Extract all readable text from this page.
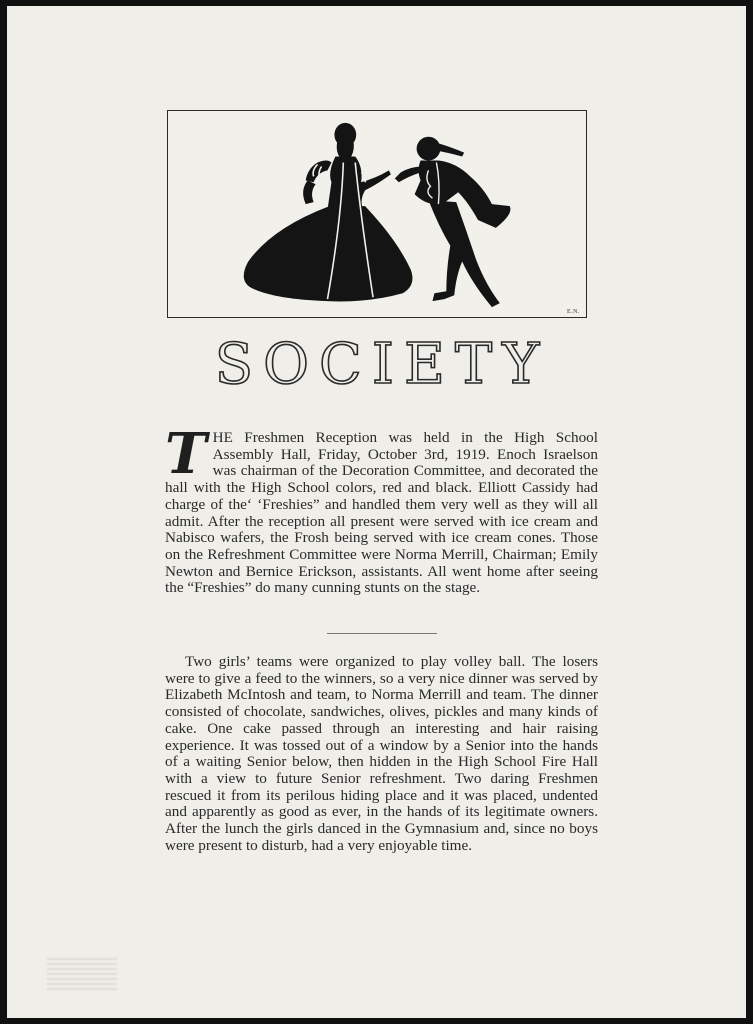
E.N.
SOCIETY
THE Freshmen Reception was held in the High School Assembly Hall, Friday, October 3rd, 1919. Enoch Israelson was chairman of the Decoration Committee, and decorated the hall with the High School colors, red and black. Elliott Cassidy had charge of the‘ ‘Freshies” and handled them very well as they will all admit. After the reception all present were served with ice cream and Nabisco wafers, the Frosh being served with ice cream cones. Those on the Refreshment Committee were Norma Merrill, Chairman; Emily Newton and Bernice Erickson, assistants. All went home after seeing the “Freshies” do many cunning stunts on the stage.
Two girls’ teams were organized to play volley ball. The losers were to give a feed to the winners, so a very nice dinner was served by Elizabeth McIntosh and team, to Norma Merrill and team. The dinner consisted of chocolate, sandwiches, olives, pickles and many kinds of cake. One cake passed through an interesting and hair raising experience. It was tossed out of a window by a Senior into the hands of a waiting Senior below, then hidden in the High School Fire Hall with a view to future Senior refreshment. Two daring Freshmen rescued it from its perilous hiding place and it was placed, undented and apparently as good as ever, in the hands of its legitimate owners. After the lunch the girls danced in the Gymnasium and, since no boys were present to disturb, had a very enjoyable time.
